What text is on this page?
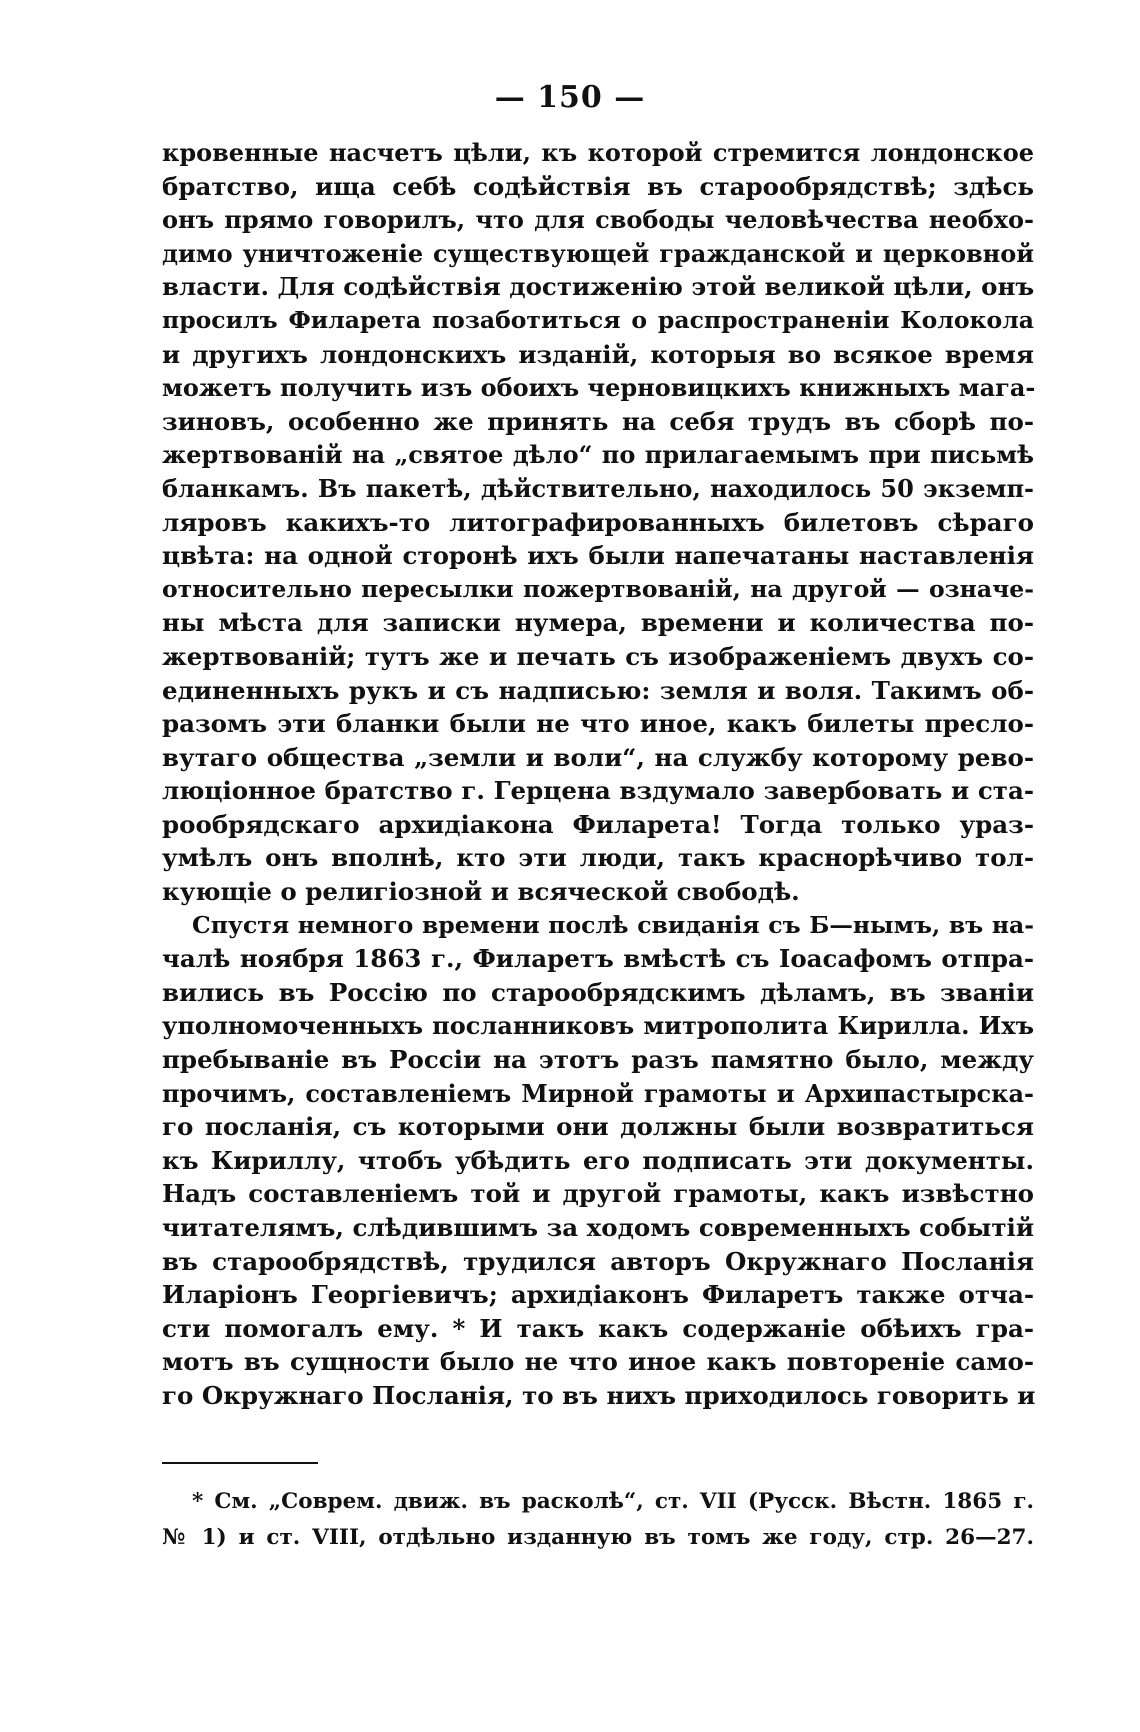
— 150 —
кровенные насчетъ цѣли, къ которой стремится лондонское
братство, ища себѣ содѣйствія въ старообрядствѣ; здѣсь
онъ прямо говорилъ, что для свободы человѣчества необхо-
димо уничтоженіе существующей гражданской и церковной
власти. Для содѣйствія достиженію этой великой цѣли, онъ
просилъ Филарета позаботиться о распространеніи Колокола
и другихъ лондонскихъ изданій, которыя во всякое время
можетъ получить изъ обоихъ черновицкихъ книжныхъ мага-
зиновъ, особенно же принять на себя трудъ въ сборѣ по-
жертвованій на „святое дѣло“ по прилагаемымъ при письмѣ
бланкамъ. Въ пакетѣ, дѣйствительно, находилось 50 экземп-
ляровъ какихъ-то литографированныхъ билетовъ сѣраго
цвѣта: на одной сторонѣ ихъ были напечатаны наставленія
относительно пересылки пожертвованій, на другой — означе-
ны мѣста для записки нумера, времени и количества по-
жертвованій; тутъ же и печать съ изображеніемъ двухъ со-
единенныхъ рукъ и съ надписью: земля и воля. Такимъ об-
разомъ эти бланки были не что иное, какъ билеты пресло-
вутаго общества „земли и воли“, на службу которому рево-
люціонное братство г. Герцена вздумало завербовать и ста-
рообрядскаго архидіакона Филарета! Тогда только ураз-
умѣлъ онъ вполнѣ, кто эти люди, такъ краснорѣчиво тол-
кующіе о религіозной и всяческой свободѣ.
Спустя немного времени послѣ свиданія съ Б—нымъ, въ на-
чалѣ ноября 1863 г., Филаретъ вмѣстѣ съ Іоасафомъ отпра-
вились въ Россію по старообрядскимъ дѣламъ, въ званіи
уполномоченныхъ посланниковъ митрополита Кирилла. Ихъ
пребываніе въ Россіи на этотъ разъ памятно было, между
прочимъ, составленіемъ Мирной грамоты и Архипастырска-
го посланія, съ которыми они должны были возвратиться
къ Кириллу, чтобъ убѣдить его подписать эти документы.
Надъ составленіемъ той и другой грамоты, какъ извѣстно
читателямъ, слѣдившимъ за ходомъ современныхъ событій
въ старообрядствѣ, трудился авторъ Окружнаго Посланія
Иларіонъ Георгіевичъ; архидіаконъ Филаретъ также отча-
сти помогалъ ему. * И такъ какъ содержаніе обѣихъ гра-
мотъ въ сущности было не что иное какъ повтореніе само-
го Окружнаго Посланія, то въ нихъ приходилось говорить и
* См. „Соврем. движ. въ расколѣ“, ст. VII (Русск. Вѣстн. 1865 г.
№ 1) и ст. VIII, отдѣльно изданную въ томъ же году, стр. 26—27.
